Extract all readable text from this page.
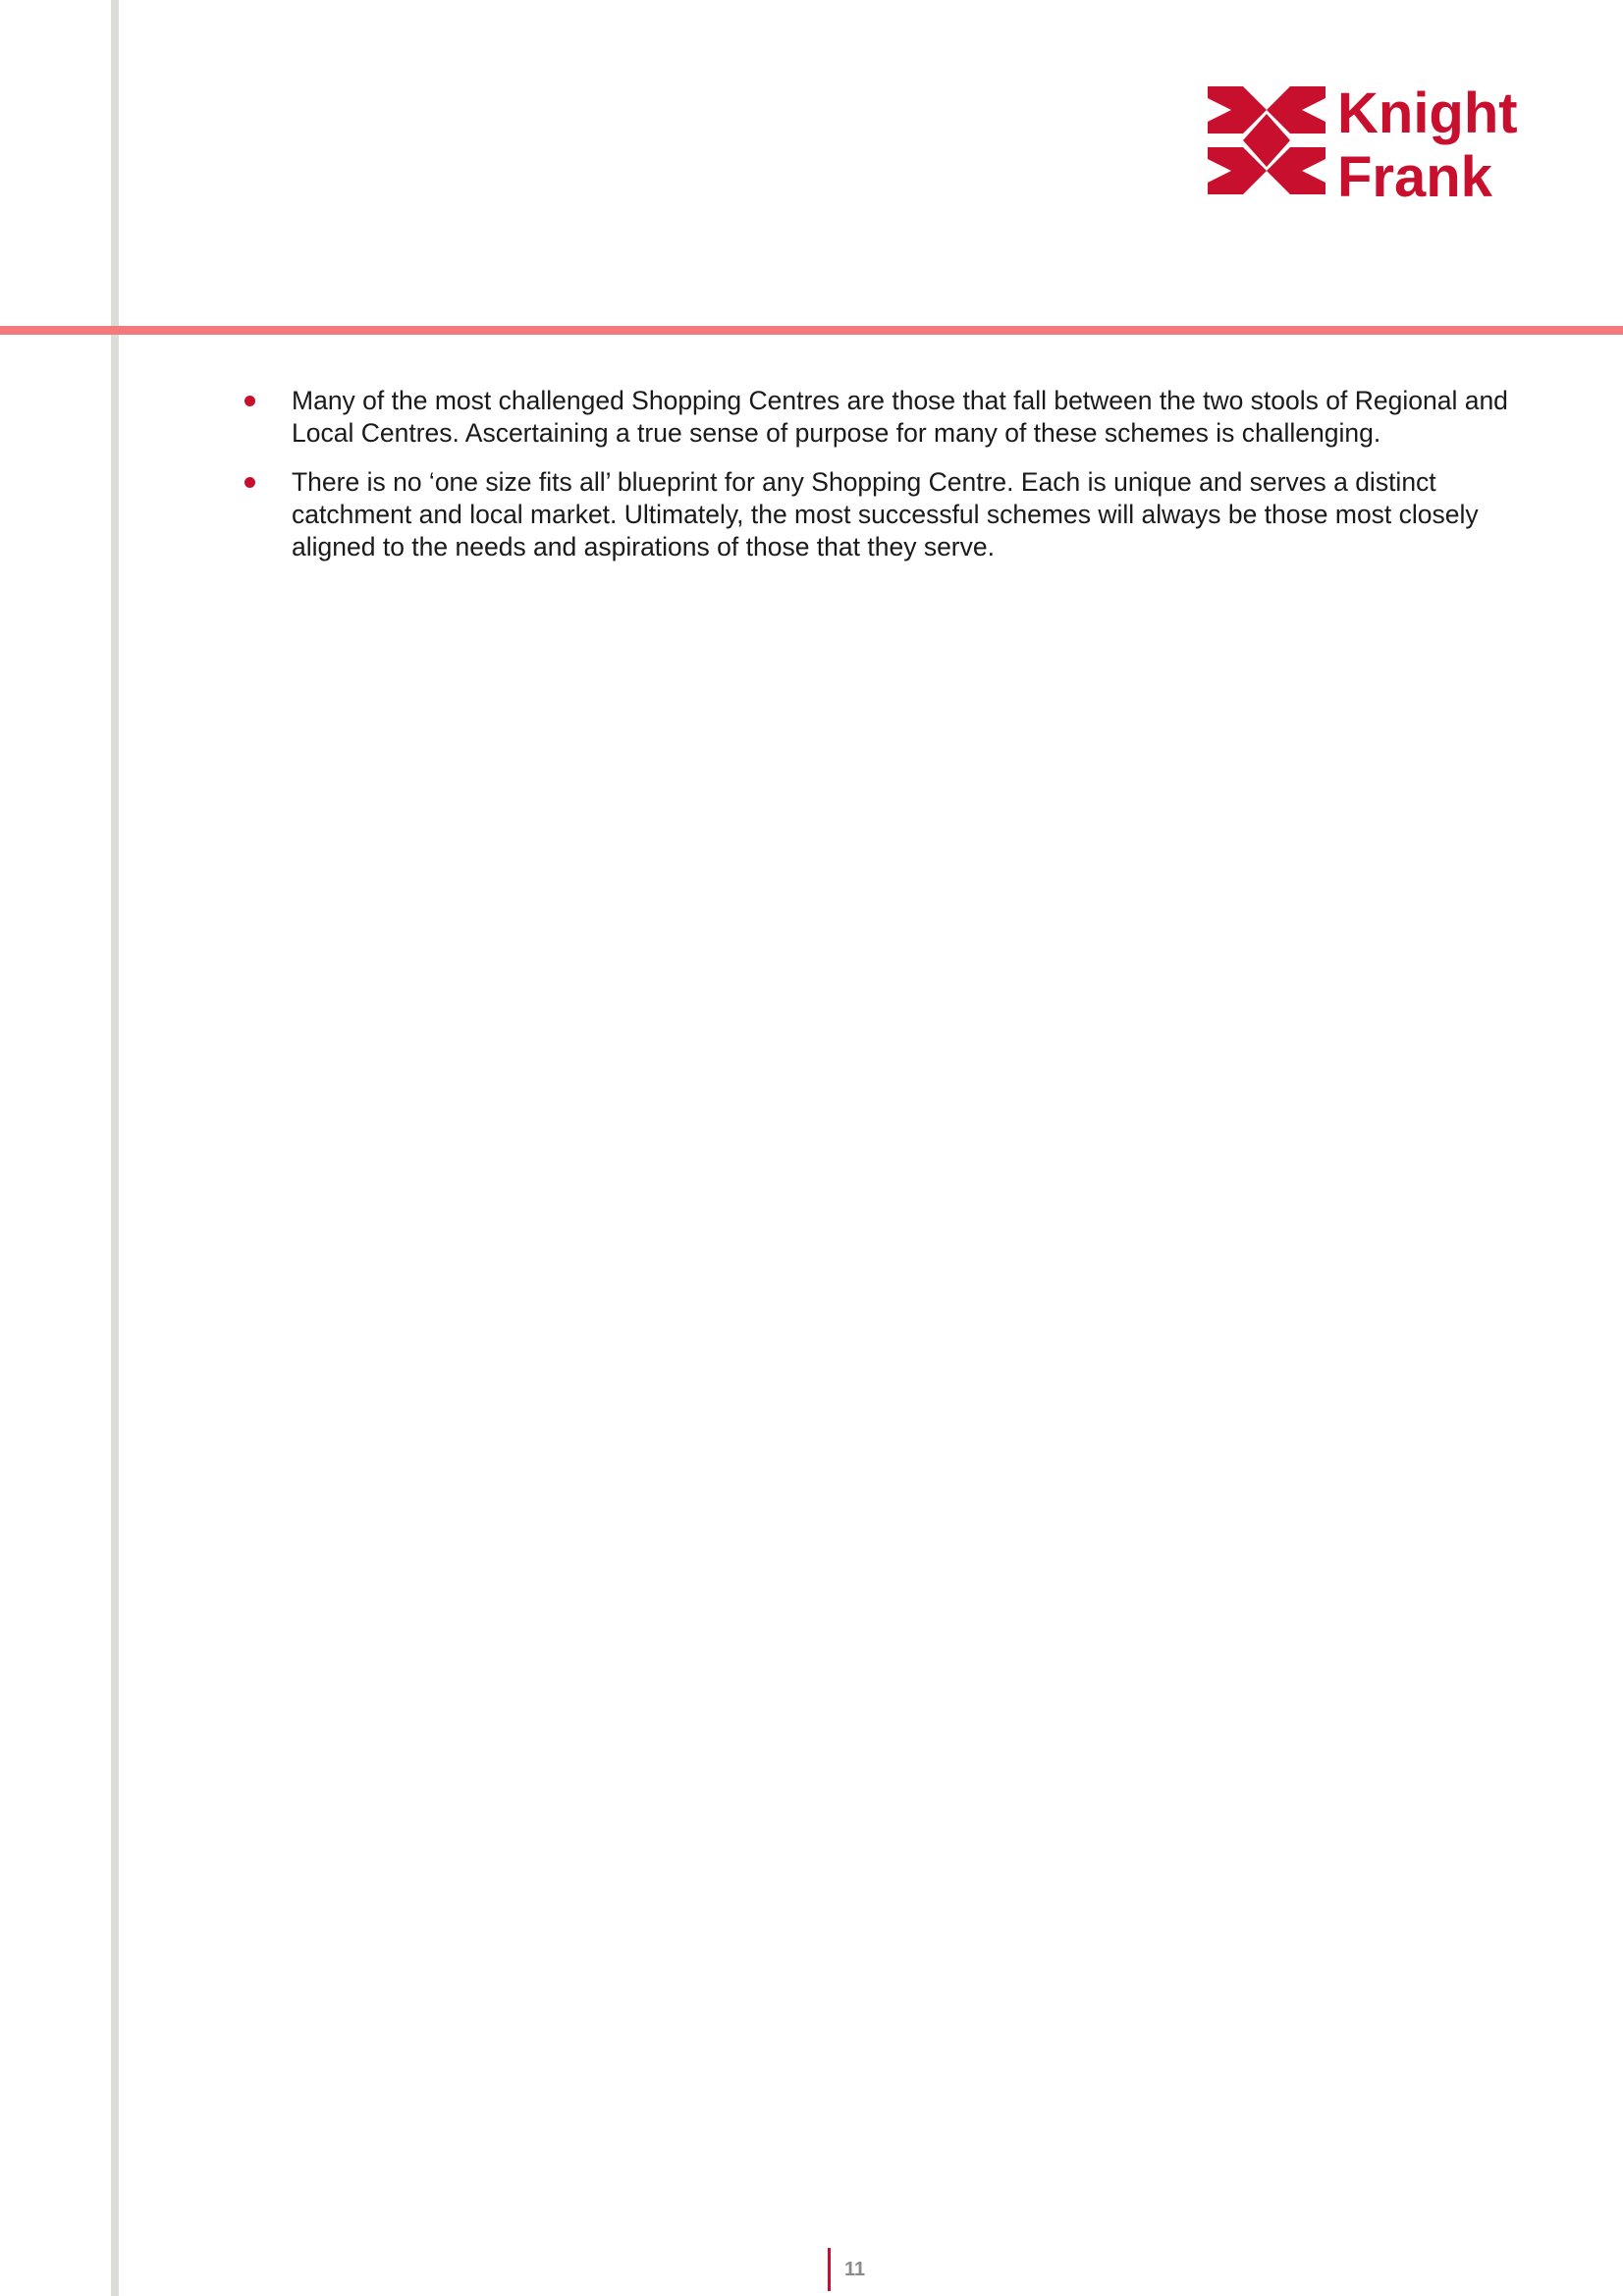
Knight
Frank
Many of the most challenged Shopping Centres are those that fall between the two stools of Regional and Local Centres. Ascertaining a true sense of purpose for many of these schemes is challenging.
There is no ‘one size fits all’ blueprint for any Shopping Centre. Each is unique and serves a distinct catchment and local market. Ultimately, the most successful schemes will always be those most closely aligned to the needs and aspirations of those that they serve.
11
